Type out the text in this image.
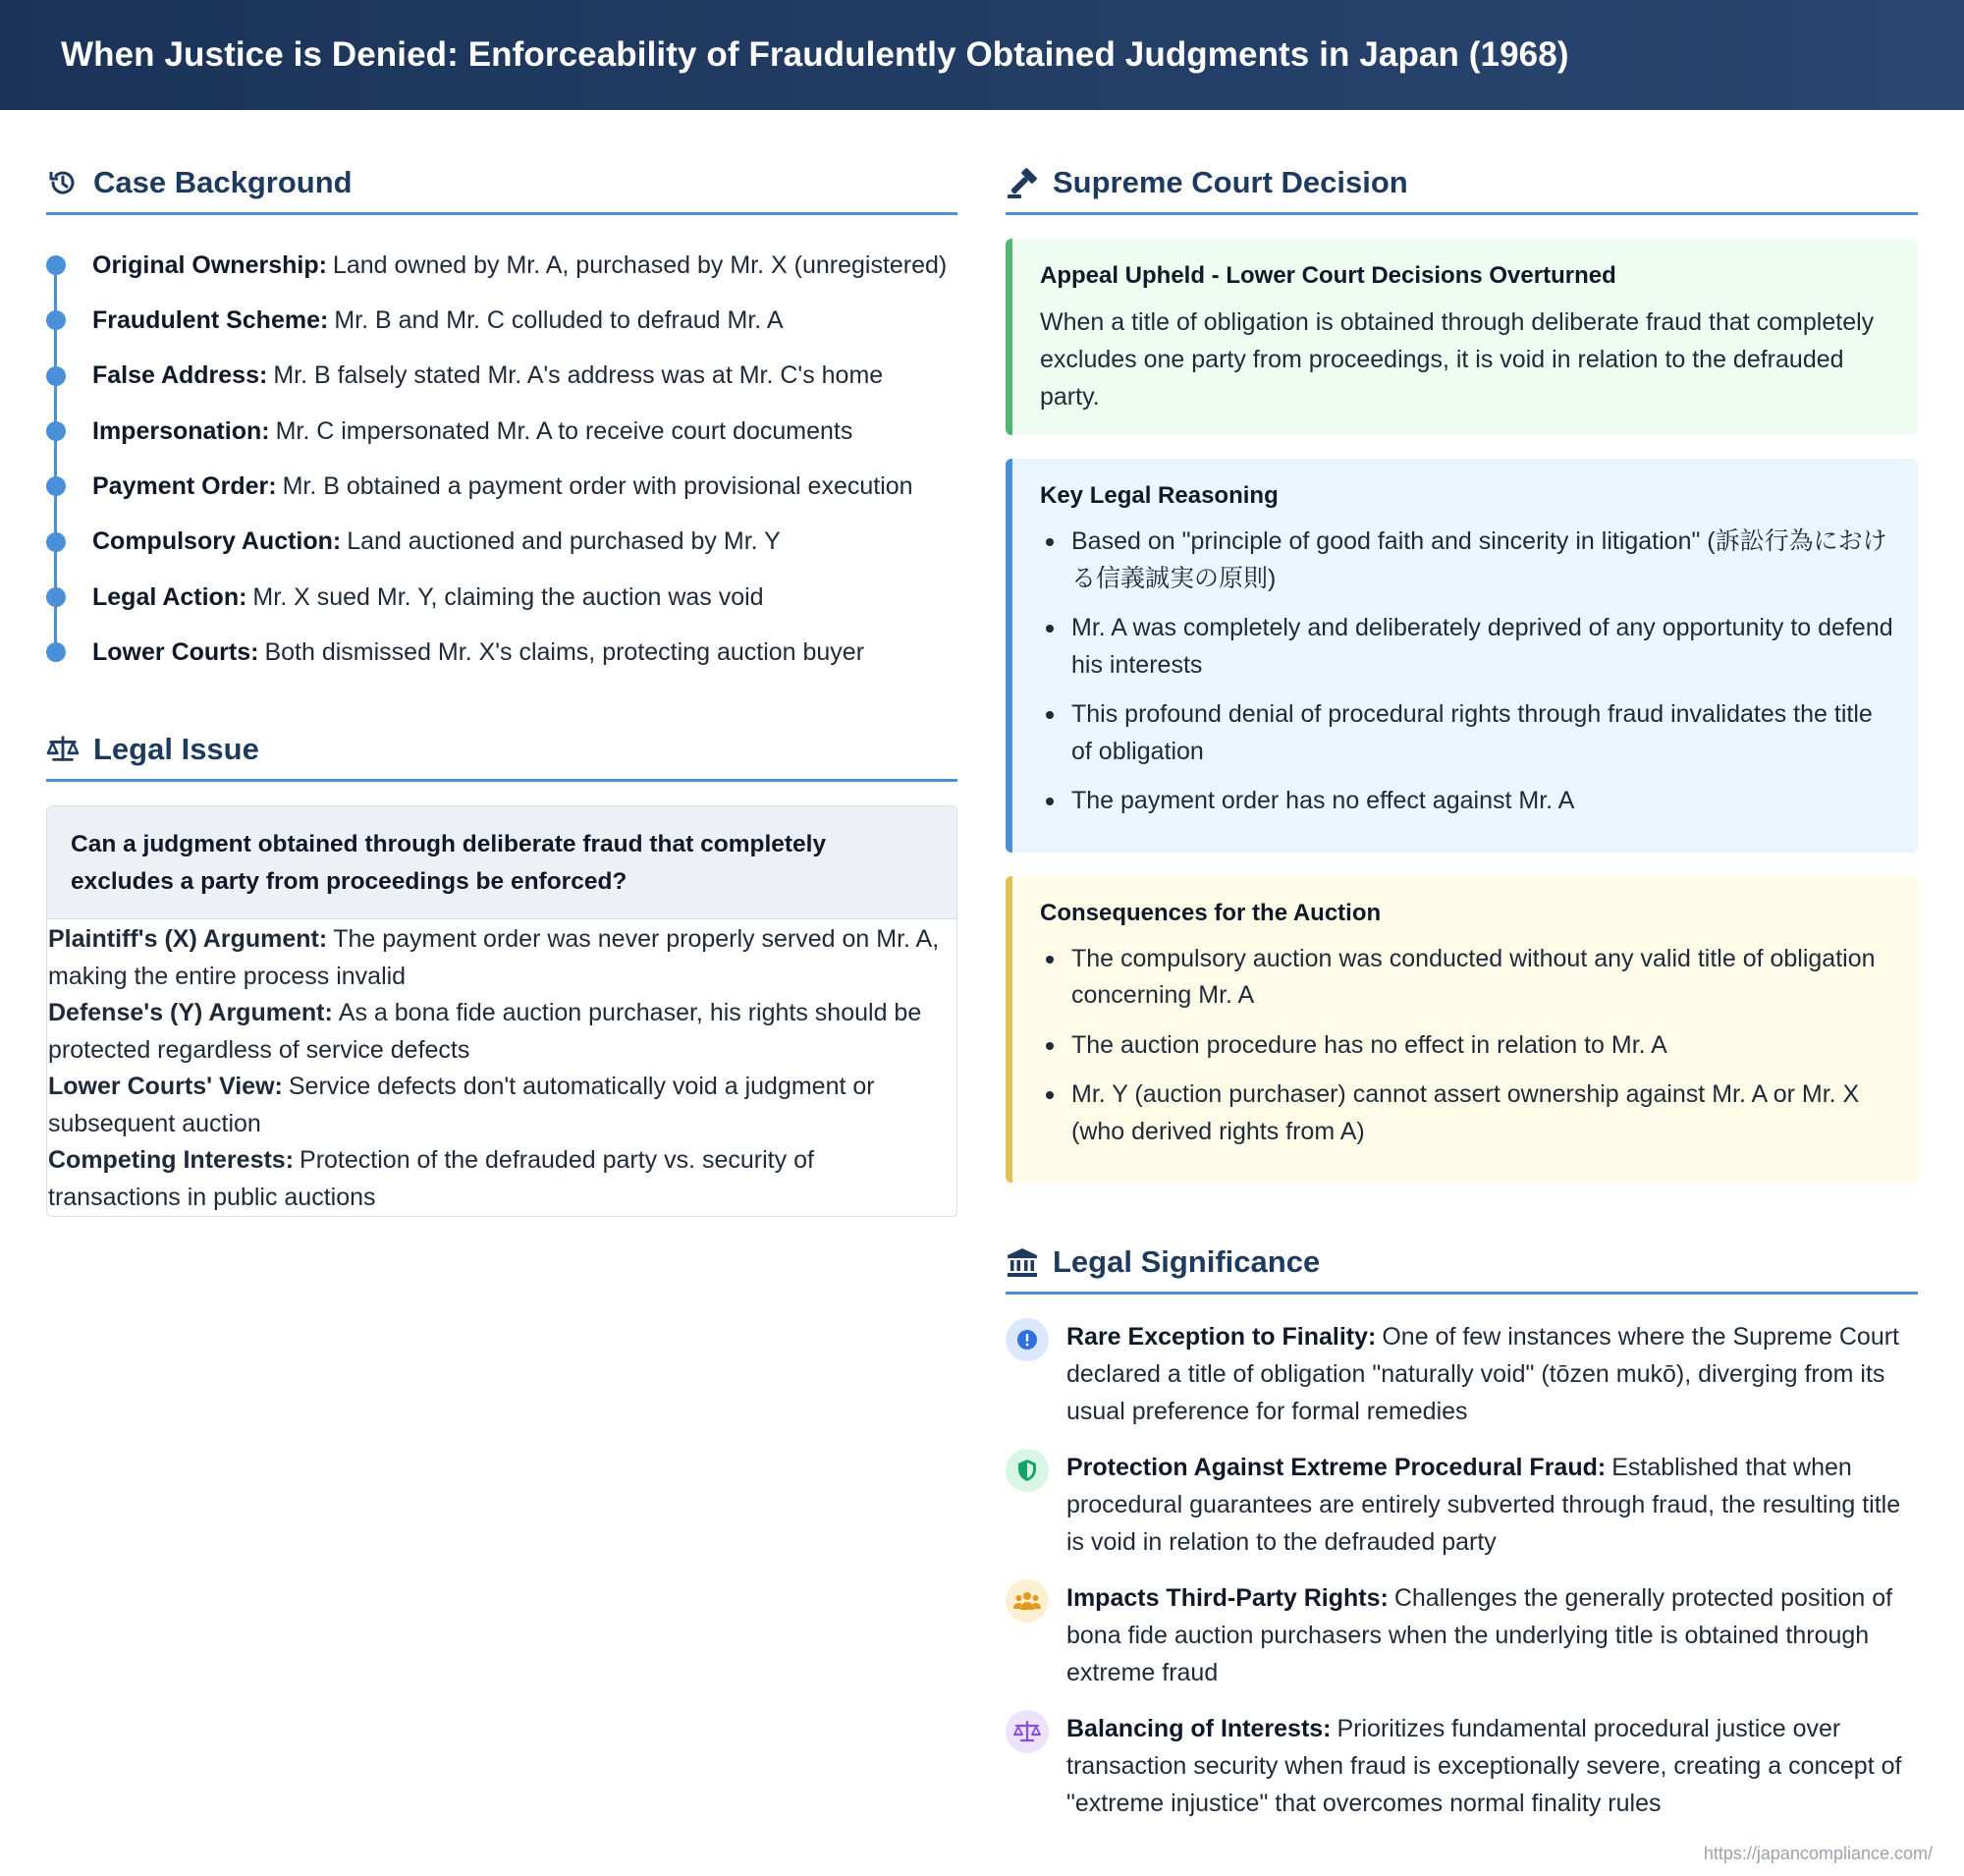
When Justice is Denied: Enforceability of Fraudulently Obtained Judgments in Japan (1968)
Case Background
Original Ownership: Land owned by Mr. A, purchased by Mr. X (unregistered)
Fraudulent Scheme: Mr. B and Mr. C colluded to defraud Mr. A
False Address: Mr. B falsely stated Mr. A's address was at Mr. C's home
Impersonation: Mr. C impersonated Mr. A to receive court documents
Payment Order: Mr. B obtained a payment order with provisional execution
Compulsory Auction: Land auctioned and purchased by Mr. Y
Legal Action: Mr. X sued Mr. Y, claiming the auction was void
Lower Courts: Both dismissed Mr. X's claims, protecting auction buyer
Legal Issue
Can a judgment obtained through deliberate fraud that completely excludes a party from proceedings be enforced?

Plaintiff's (X) Argument: The payment order was never properly served on Mr. A, making the entire process invalid

Defense's (Y) Argument: As a bona fide auction purchaser, his rights should be protected regardless of service defects

Lower Courts' View: Service defects don't automatically void a judgment or subsequent auction

Competing Interests: Protection of the defrauded party vs. security of transactions in public auctions

Supreme Court Decision
Appeal Upheld - Lower Court Decisions Overturned

When a title of obligation is obtained through deliberate fraud that completely excludes one party from proceedings, it is void in relation to the defrauded party.

Key Legal Reasoning
Based on "principle of good faith and sincerity in litigation" (訴訟行為における信義誠実の原則)
Mr. A was completely and deliberately deprived of any opportunity to defend his interests
This profound denial of procedural rights through fraud invalidates the title of obligation
The payment order has no effect against Mr. A
Consequences for the Auction
The compulsory auction was conducted without any valid title of obligation concerning Mr. A
The auction procedure has no effect in relation to Mr. A
Mr. Y (auction purchaser) cannot assert ownership against Mr. A or Mr. X (who derived rights from A)
Legal Significance
Rare Exception to Finality: One of few instances where the Supreme Court declared a title of obligation "naturally void" (tōzen mukō), diverging from its usual preference for formal remedies
Protection Against Extreme Procedural Fraud: Established that when procedural guarantees are entirely subverted through fraud, the resulting title is void in relation to the defrauded party
Impacts Third-Party Rights: Challenges the generally protected position of bona fide auction purchasers when the underlying title is obtained through extreme fraud
Balancing of Interests: Prioritizes fundamental procedural justice over transaction security when fraud is exceptionally severe, creating a concept of "extreme injustice" that overcomes normal finality rules
https://japancompliance.com/
